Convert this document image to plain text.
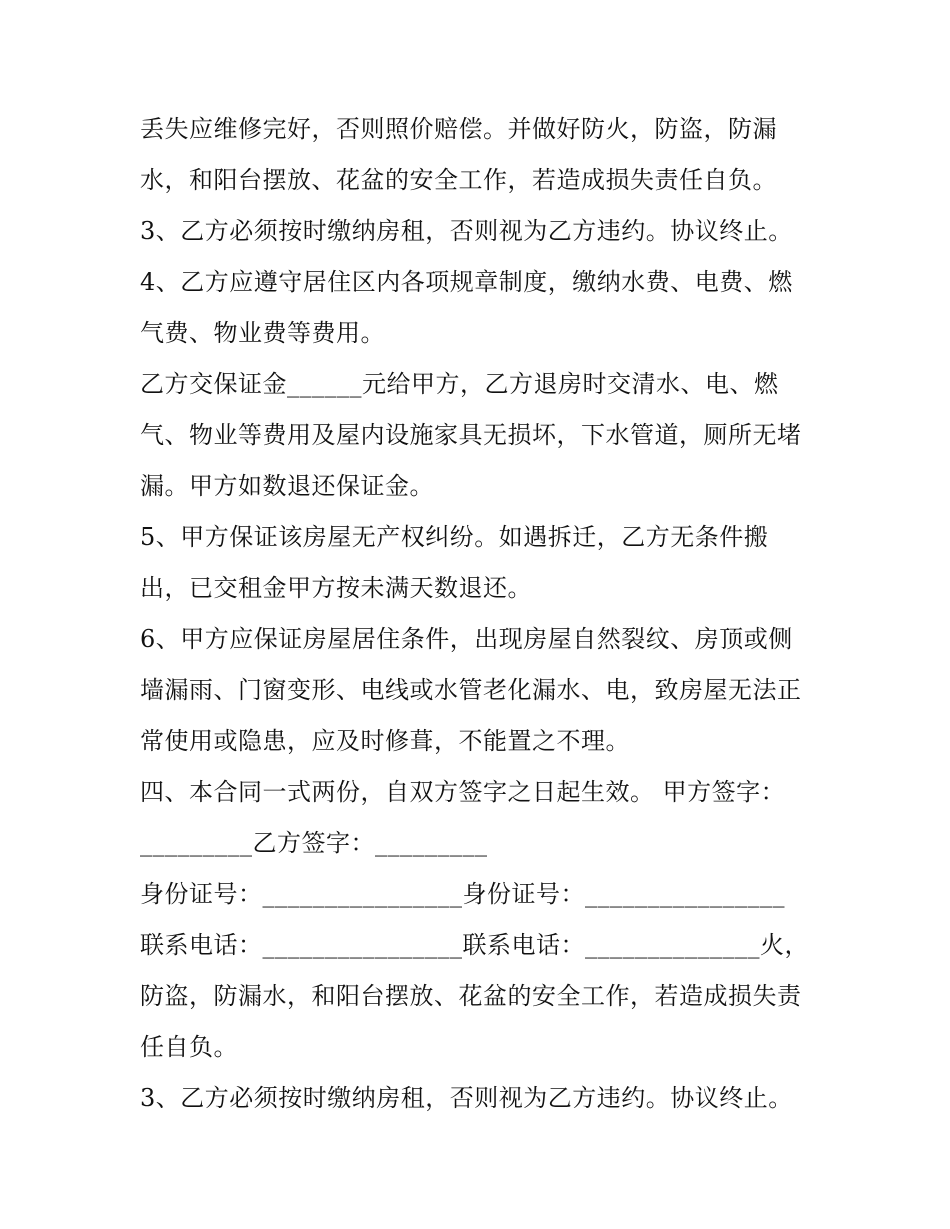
丢失应维修完好，否则照价赔偿。并做好防火，防盗，防漏
水，和阳台摆放、花盆的安全工作，若造成损失责任自负。
3、乙方必须按时缴纳房租，否则视为乙方违约。协议终止。
4、乙方应遵守居住区内各项规章制度，缴纳水费、电费、燃
气费、物业费等费用。
乙方交保证金______元给甲方，乙方退房时交清水、电、燃
气、物业等费用及屋内设施家具无损坏，下水管道，厕所无堵
漏。甲方如数退还保证金。
5、甲方保证该房屋无产权纠纷。如遇拆迁，乙方无条件搬
出，已交租金甲方按未满天数退还。
6、甲方应保证房屋居住条件，出现房屋自然裂纹、房顶或侧
墙漏雨、门窗变形、电线或水管老化漏水、电，致房屋无法正
常使用或隐患，应及时修葺，不能置之不理。
四、本合同一式两份，自双方签字之日起生效。 甲方签字：
_________乙方签字：_________
身份证号：________________身份证号：________________
联系电话：________________联系电话：______________火，
防盗，防漏水，和阳台摆放、花盆的安全工作，若造成损失责
任自负。
3、乙方必须按时缴纳房租，否则视为乙方违约。协议终止。
